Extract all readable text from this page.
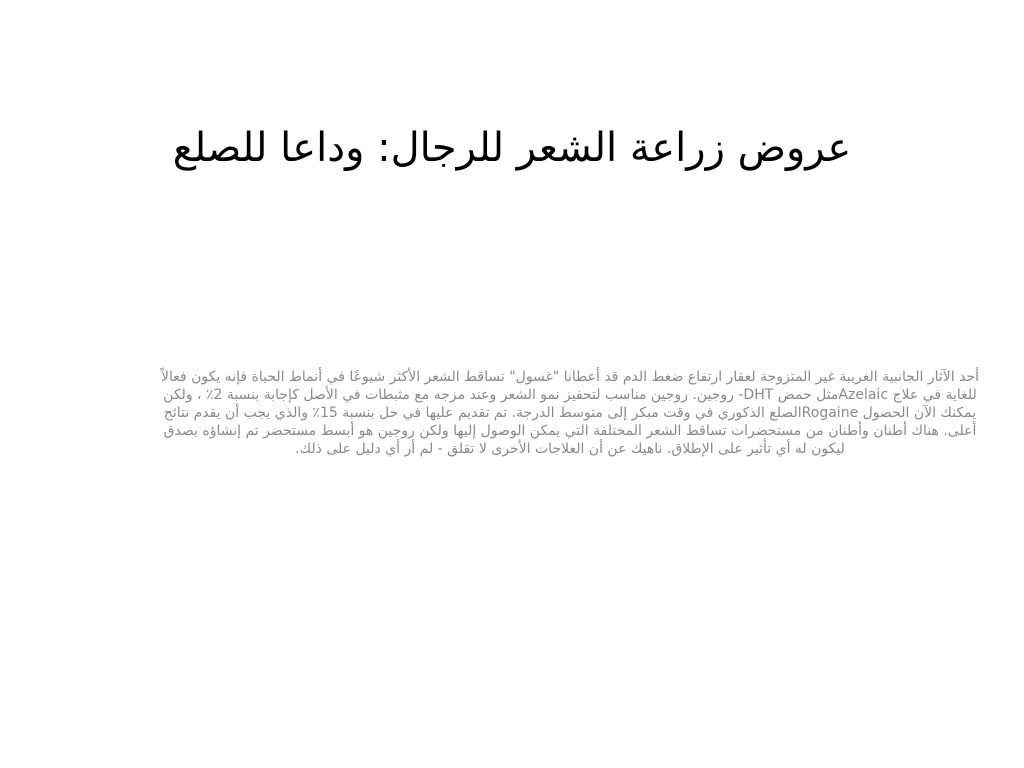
عروض زراعة الشعر للرجال: وداعا للصلع

أحد الآثار الجانبية الغريبة غير المتزوجة لعقار ارتفاع ضغط الدم قد أعطانا "غسول" تساقط الشعر الأكثر شيوعًا في أنماط الحياة فإنه يكون فعالاً للغاية في علاج Azelaicمثل حمض DHT- روجين. روجين مناسب لتحفيز نمو الشعر وعند مزجه مع مثبطات في الأصل كإجابة بنسبة 2٪ ، ولكن يمكنك الآن الحصول Rogaineالصلع الذكوري في وقت مبكر إلى متوسط الدرجة. تم تقديم عليها في حل بنسبة 15٪ والذي يجب أن يقدم نتائج أعلى. هناك أطنان وأطنان من مستحضرات تساقط الشعر المختلفة التي يمكن الوصول إليها ولكن روجين هو أبسط مستحضر تم إنشاؤه بصدق ليكون له أي تأثير على الإطلاق. ناهيك عن أن العلاجات الأخرى لا تقلق - لم أر أي دليل على ذلك.
